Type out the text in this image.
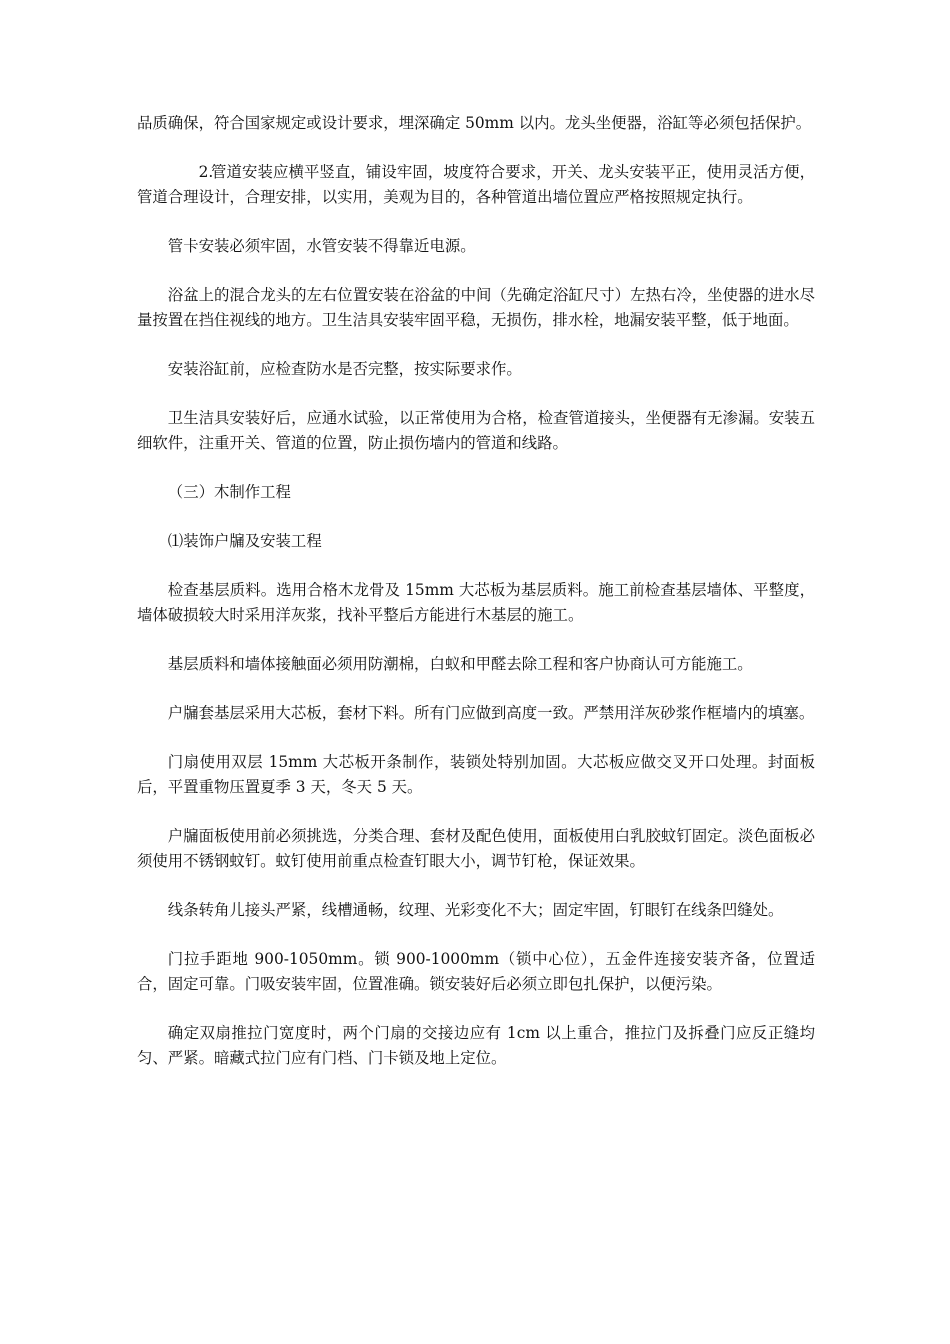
品质确保，符合国家规定或设计要求，埋深确定 50mm 以内。龙头坐便器，浴缸等必须包括保护。

2.管道安装应横平竖直，铺设牢固，坡度符合要求，开关、龙头安装平正，使用灵活方便，管道合理设计，合理安排，以实用，美观为目的，各种管道出墙位置应严格按照规定执行。

管卡安装必须牢固，水管安装不得靠近电源。

浴盆上的混合龙头的左右位置安装在浴盆的中间（先确定浴缸尺寸）左热右冷，坐使器的进水尽量按置在挡住视线的地方。卫生洁具安装牢固平稳，无损伤，排水栓，地漏安装平整，低于地面。

安装浴缸前，应检查防水是否完整，按实际要求作。

卫生洁具安装好后，应通水试验，以正常使用为合格，检查管道接头，坐便器有无渗漏。安装五细软件，注重开关、管道的位置，防止损伤墙内的管道和线路。

（三）木制作工程

⑴装饰户牖及安装工程

检查基层质料。选用合格木龙骨及 15mm 大芯板为基层质料。施工前检查基层墙体、平整度，墙体破损较大时采用洋灰浆，找补平整后方能进行木基层的施工。

基层质料和墙体接触面必须用防潮棉，白蚁和甲醛去除工程和客户协商认可方能施工。

户牖套基层采用大芯板，套材下料。所有门应做到高度一致。严禁用洋灰砂浆作框墙内的填塞。

门扇使用双层 15mm 大芯板开条制作，装锁处特别加固。大芯板应做交叉开口处理。封面板后，平置重物压置夏季 3 天，冬天 5 天。

户牖面板使用前必须挑选，分类合理、套材及配色使用，面板使用白乳胶蚊钉固定。淡色面板必须使用不锈钢蚊钉。蚊钉使用前重点检查钉眼大小，调节钉枪，保证效果。

线条转角儿接头严紧，线槽通畅，纹理、光彩变化不大；固定牢固，钉眼钉在线条凹缝处。

门拉手距地 900-1050mm。锁 900-1000mm（锁中心位），五金件连接安装齐备，位置适合，固定可靠。门吸安装牢固，位置准确。锁安装好后必须立即包扎保护，以便污染。

确定双扇推拉门宽度时，两个门扇的交接边应有 1cm 以上重合，推拉门及拆叠门应反正缝均匀、严紧。暗藏式拉门应有门档、门卡锁及地上定位。
